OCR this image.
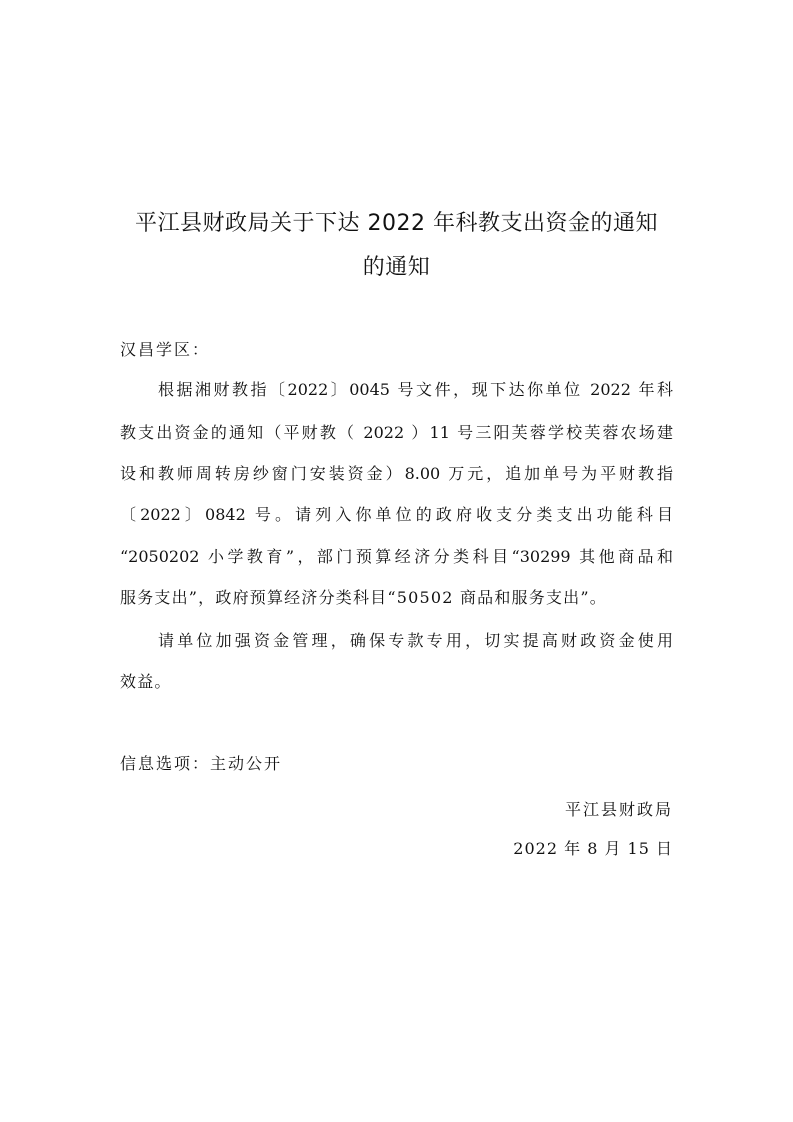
平江县财政局关于下达 2022 年科教支出资金的通知
的通知
汉昌学区：
根据湘财教指〔2022〕0045 号文件，现下达你单位 2022 年科
教支出资金的通知（平财教（ 2022 ）11 号三阳芙蓉学校芙蓉农场建
设和教师周转房纱窗门安装资金）8.00 万元，追加单号为平财教指
〔2022〕0842 号。请列入你单位的政府收支分类支出功能科目
“2050202 小学教育”，部门预算经济分类科目“30299 其他商品和
服务支出”，政府预算经济分类科目“50502 商品和服务支出”。
请单位加强资金管理，确保专款专用，切实提高财政资金使用
效益。
信息选项：主动公开
平江县财政局
2022 年 8 月 15 日
